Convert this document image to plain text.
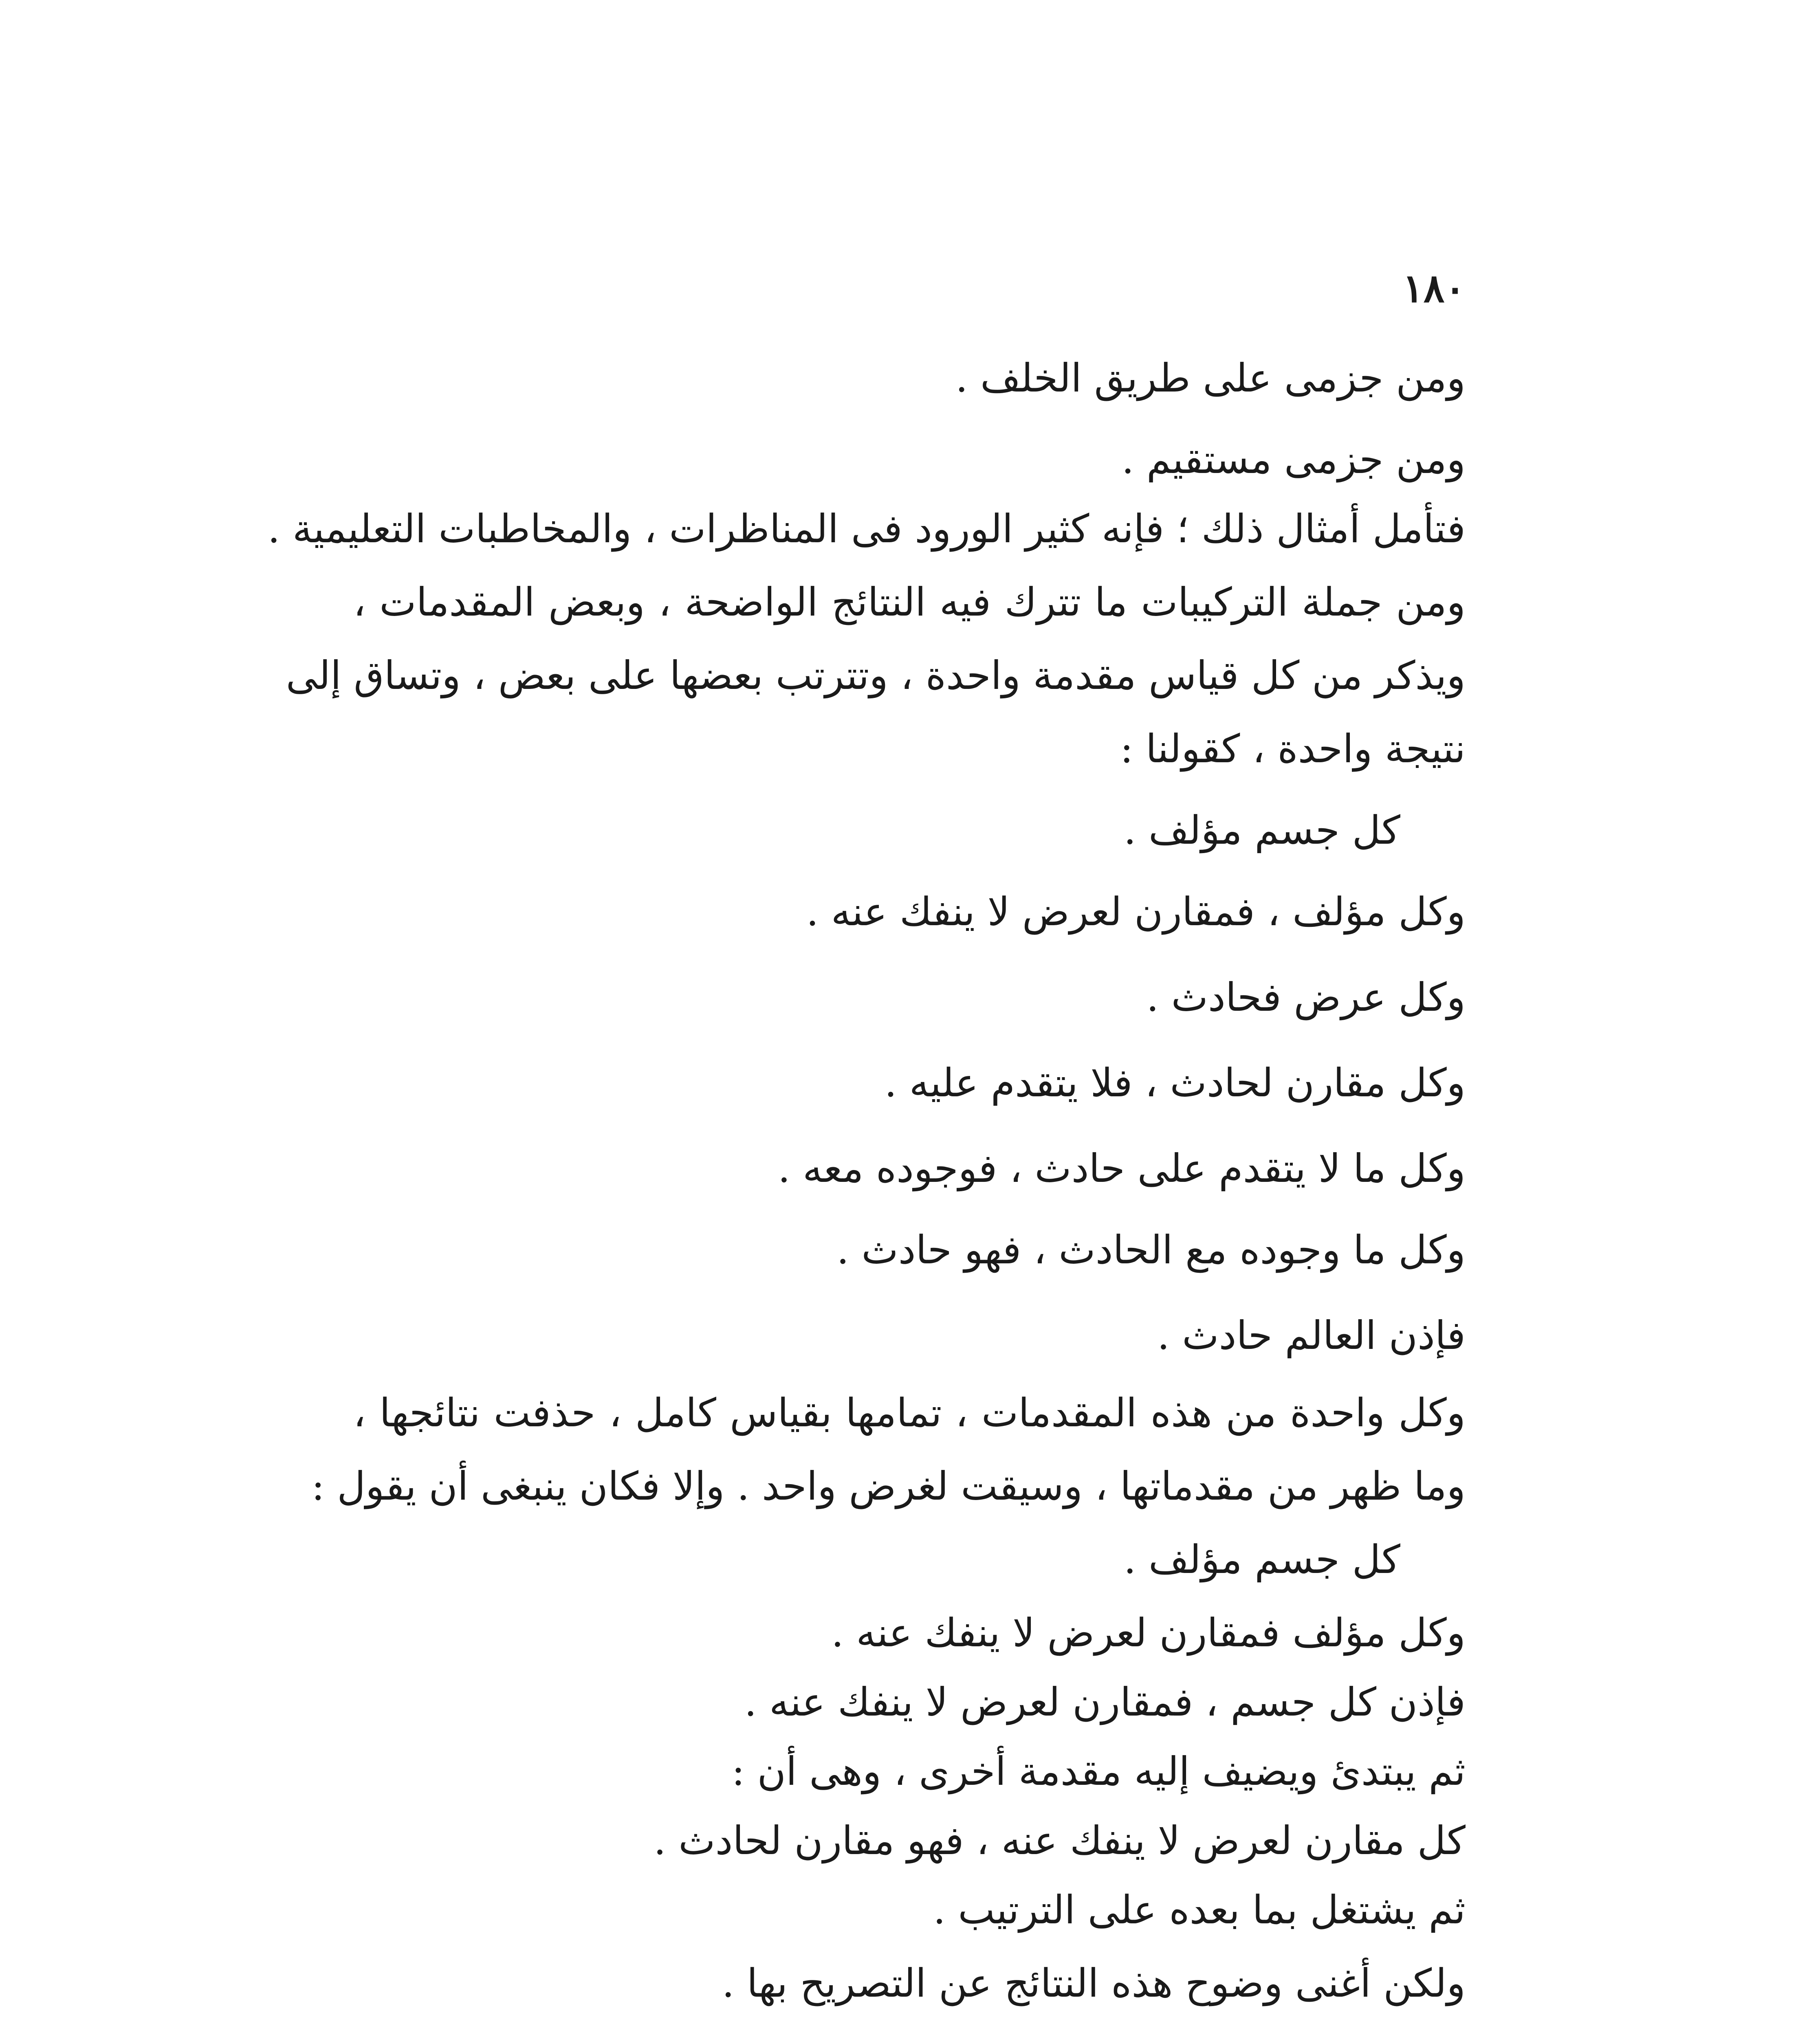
١٨٠
ومن جزمى على طريق الخلف .
ومن جزمى مستقيم .
فتأمل أمثال ذلك ؛ فإنه كثير الورود فى المناظرات ، والمخاطبات التعليمية .
ومن جملة التركيبات ما تترك فيه النتائج الواضحة ، وبعض المقدمات ،
ويذكر من كل قياس مقدمة واحدة ، وتترتب بعضها على بعض ، وتساق إلى
نتيجة واحدة ، كقولنا :
كل جسم مؤلف .
وكل مؤلف ، فمقارن لعرض لا ينفك عنه .
وكل عرض فحادث .
وكل مقارن لحادث ، فلا يتقدم عليه .
وكل ما لا يتقدم على حادث ، فوجوده معه .
وكل ما وجوده مع الحادث ، فهو حادث .
فإذن العالم حادث .
وكل واحدة من هذه المقدمات ، تمامها بقياس كامل ، حذفت نتائجها ،
وما ظهر من مقدماتها ، وسيقت لغرض واحد . وإلا فكان ينبغى أن يقول :
كل جسم مؤلف .
وكل مؤلف فمقارن لعرض لا ينفك عنه .
فإذن كل جسم ، فمقارن لعرض لا ينفك عنه .
ثم يبتدئ ويضيف إليه مقدمة أخرى ، وهى أن :
كل مقارن لعرض لا ينفك عنه ، فهو مقارن لحادث .
ثم يشتغل بما بعده على الترتيب .
ولكن أغنى وضوح هذه النتائج عن التصريح بها .
